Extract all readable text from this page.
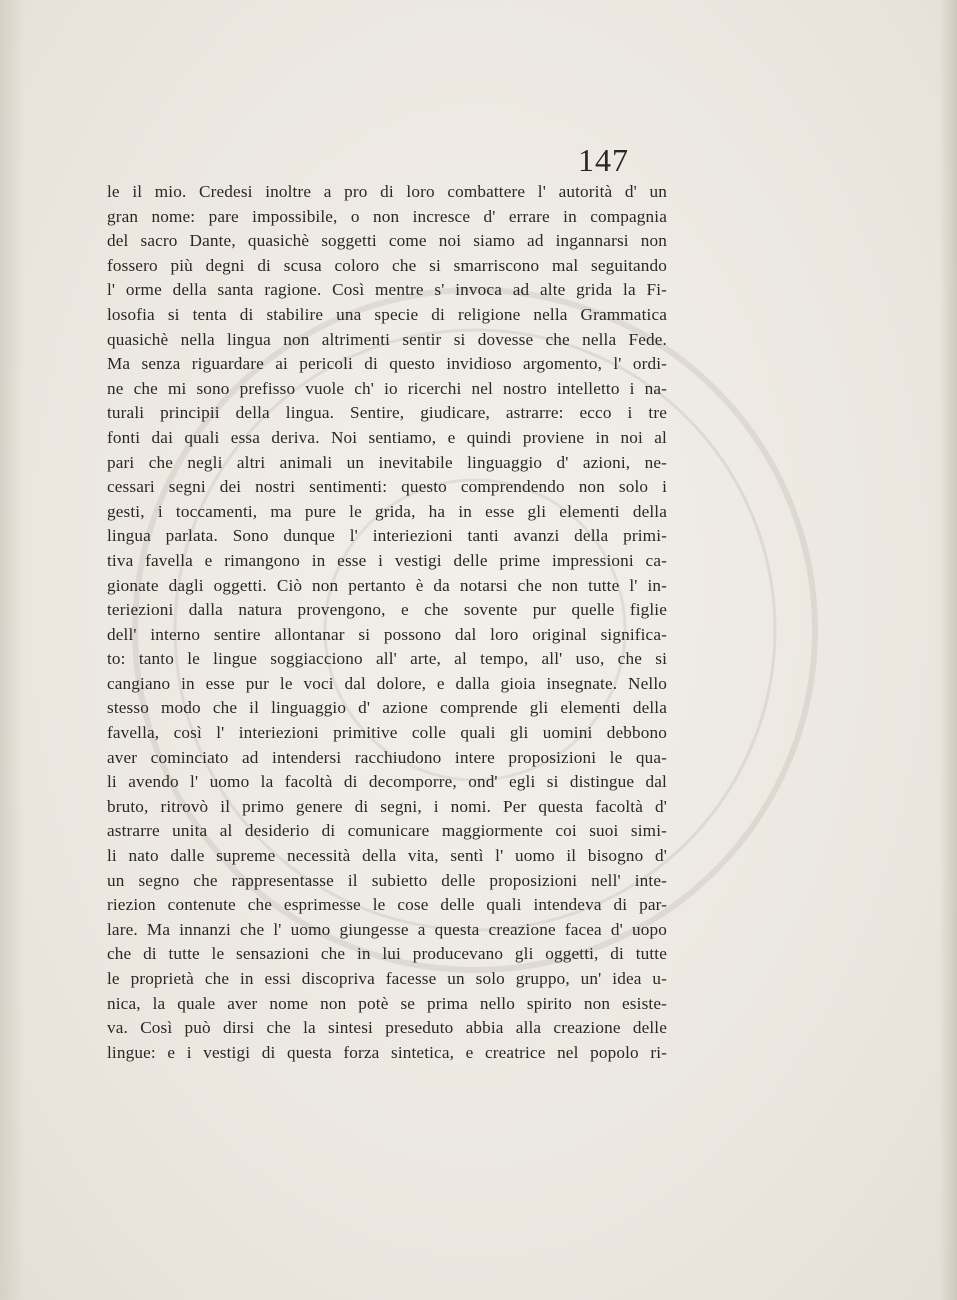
147
le il mio. Credesi inoltre a pro di loro combattere l' autorità d' un
gran nome: pare impossibile, o non incresce d' errare in compagnia
del sacro Dante, quasichè soggetti come noi siamo ad ingannarsi non
fossero più degni di scusa coloro che si smarriscono mal seguitando
l' orme della santa ragione. Così mentre s' invoca ad alte grida la Fi-
losofia si tenta di stabilire una specie di religione nella Grammatica
quasichè nella lingua non altrimenti sentir si dovesse che nella Fede.
Ma senza riguardare ai pericoli di questo invidioso argomento, l' ordi-
ne che mi sono prefisso vuole ch' io ricerchi nel nostro intelletto i na-
turali principii della lingua. Sentire, giudicare, astrarre: ecco i tre
fonti dai quali essa deriva. Noi sentiamo, e quindi proviene in noi al
pari che negli altri animali un inevitabile linguaggio d' azioni, ne-
cessari segni dei nostri sentimenti: questo comprendendo non solo i
gesti, i toccamenti, ma pure le grida, ha in esse gli elementi della
lingua parlata. Sono dunque l' interiezioni tanti avanzi della primi-
tiva favella e rimangono in esse i vestigi delle prime impressioni ca-
gionate dagli oggetti. Ciò non pertanto è da notarsi che non tutte l' in-
teriezioni dalla natura provengono, e che sovente pur quelle figlie
dell' interno sentire allontanar si possono dal loro original significa-
to: tanto le lingue soggiacciono all' arte, al tempo, all' uso, che si
cangiano in esse pur le voci dal dolore, e dalla gioia insegnate. Nello
stesso modo che il linguaggio d' azione comprende gli elementi della
favella, così l' interiezioni primitive colle quali gli uomini debbono
aver cominciato ad intendersi racchiudono intere proposizioni le qua-
li avendo l' uomo la facoltà di decomporre, ond' egli si distingue dal
bruto, ritrovò il primo genere di segni, i nomi. Per questa facoltà d'
astrarre unita al desiderio di comunicare maggiormente coi suoi simi-
li nato dalle supreme necessità della vita, sentì l' uomo il bisogno d'
un segno che rappresentasse il subietto delle proposizioni nell' inte-
riezion contenute che esprimesse le cose delle quali intendeva di par-
lare. Ma innanzi che l' uomo giungesse a questa creazione facea d' uopo
che di tutte le sensazioni che in lui producevano gli oggetti, di tutte
le proprietà che in essi discopriva facesse un solo gruppo, un' idea u-
nica, la quale aver nome non potè se prima nello spirito non esiste-
va. Così può dirsi che la sintesi preseduto abbia alla creazione delle
lingue: e i vestigi di questa forza sintetica, e creatrice nel popolo ri-
